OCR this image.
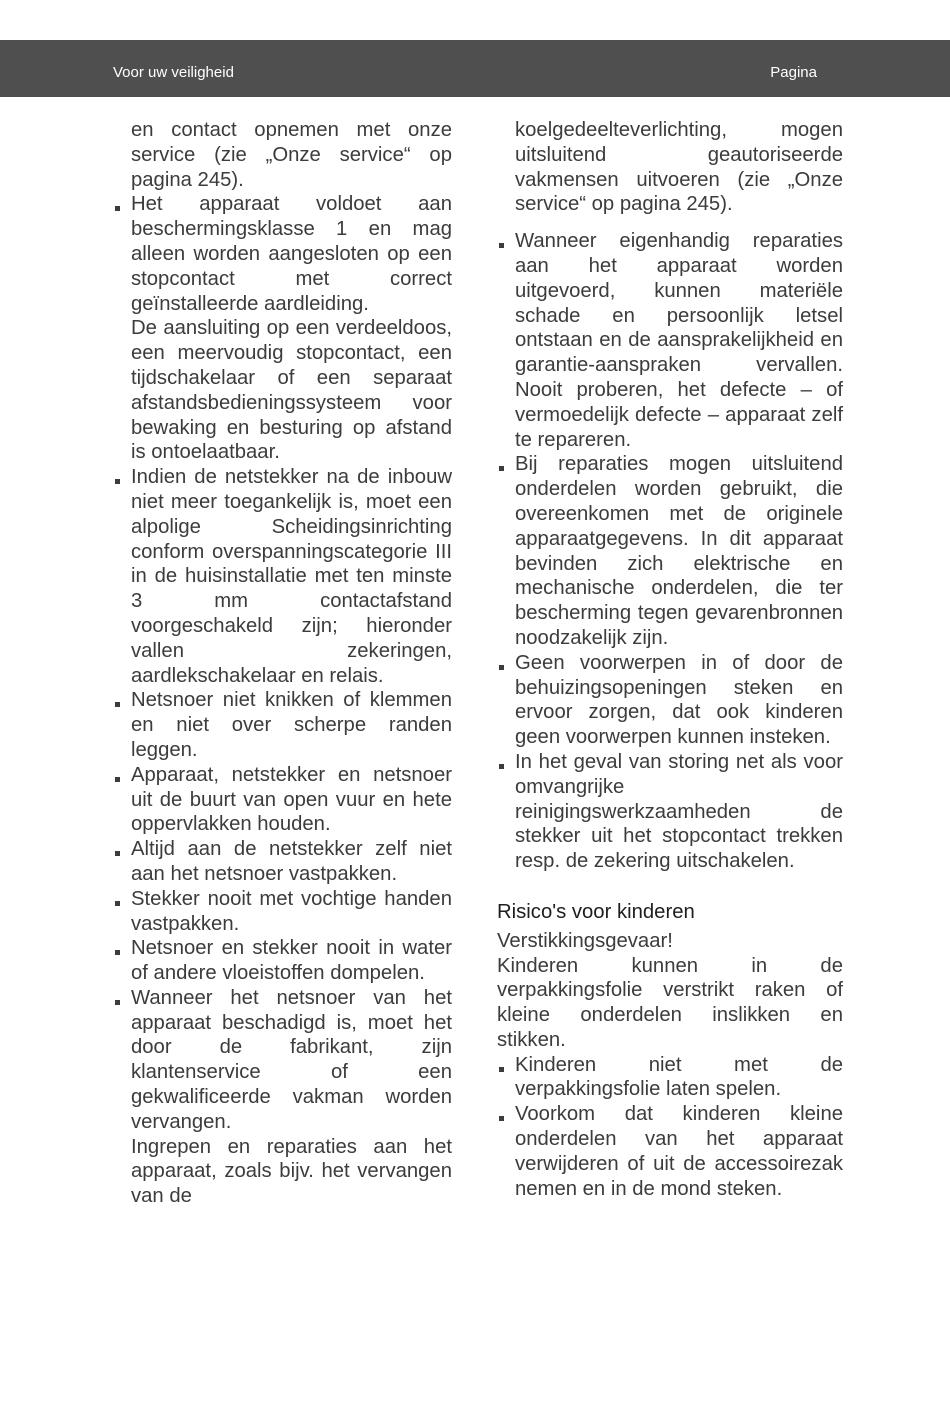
Voor uw veiligheid	Pagina

en contact opnemen met onze service (zie „Onze service“ op pagina 245).

Het apparaat voldoet aan beschermingsklasse 1 en mag alleen worden aangesloten op een stopcontact met correct geïnstalleerde aardleiding.

De aansluiting op een verdeeldoos, een meervoudig stopcontact, een tijdschakelaar of een separaat afstandsbedieningssysteem voor bewaking en besturing op afstand is ontoelaatbaar.

Indien de netstekker na de inbouw niet meer toegankelijk is, moet een alpolige Scheidingsinrichting conform overspanningscategorie III in de huisinstallatie met ten minste 3 mm contactafstand voorgeschakeld zijn; hieronder vallen zekeringen, aardlekschakelaar en relais.

Netsnoer niet knikken of klemmen en niet over scherpe randen leggen.

Apparaat, netstekker en netsnoer uit de buurt van open vuur en hete oppervlakken houden.

Altijd aan de netstekker zelf niet aan het netsnoer vastpakken.

Stekker nooit met vochtige handen vastpakken.

Netsnoer en stekker nooit in water of andere vloeistoffen dompelen.

Wanneer het netsnoer van het apparaat beschadigd is, moet het door de fabrikant, zijn klantenservice of een gekwalificeerde vakman worden vervangen.

Ingrepen en reparaties aan het apparaat, zoals bijv. het vervangen van de

koelgedeelteverlichting, mogen uitsluitend geautoriseerde vakmensen uitvoeren (zie „Onze service“ op pagina 245).

Wanneer eigenhandig reparaties aan het apparaat worden uitgevoerd, kunnen materiële schade en persoonlijk letsel ontstaan en de aansprakelijkheid en garantie-aanspraken vervallen. Nooit proberen, het defecte – of vermoedelijk defecte – apparaat zelf te repareren.

Bij reparaties mogen uitsluitend onderdelen worden gebruikt, die overeenkomen met de originele apparaatgegevens. In dit apparaat bevinden zich elektrische en mechanische onderdelen, die ter bescherming tegen gevarenbronnen noodzakelijk zijn.

Geen voorwerpen in of door de behuizingsopeningen steken en ervoor zorgen, dat ook kinderen geen voorwerpen kunnen insteken.

In het geval van storing net als voor omvangrijke reinigingswerkzaamheden de stekker uit het stopcontact trekken resp. de zekering uitschakelen.

Risico's voor kinderen

Verstikkingsgevaar!

Kinderen kunnen in de verpakkingsfolie verstrikt raken of kleine onderdelen inslikken en stikken.

Kinderen niet met de verpakkingsfolie laten spelen.

Voorkom dat kinderen kleine onderdelen van het apparaat verwijderen of uit de accessoirezak nemen en in de mond steken.
